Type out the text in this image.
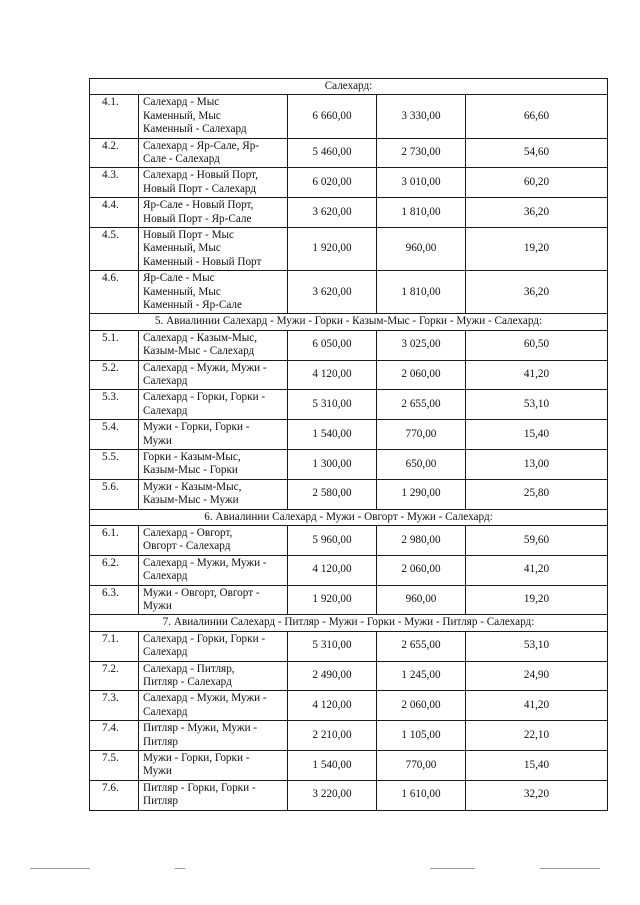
Салехард:				
4.1.	Салехард - Мыс
Каменный, Мыс
Каменный - Салехард	6 660,00	3 330,00	66,60
4.2.	Салехард - Яр-Сале, Яр-
Сале - Салехард	5 460,00	2 730,00	54,60
4.3.	Салехард - Новый Порт,
Новый Порт - Салехард	6 020,00	3 010,00	60,20
4.4.	Яр-Сале - Новый Порт,
Новый Порт - Яр-Сале	3 620,00	1 810,00	36,20
4.5.	Новый Порт - Мыс
Каменный, Мыс
Каменный - Новый Порт	1 920,00	960,00	19,20
4.6.	Яр-Сале - Мыс
Каменный, Мыс
Каменный - Яр-Сале	3 620,00	1 810,00	36,20
5. Авиалинии Салехард - Мужи - Горки - Казым-Мыс - Горки - Мужи - Салехард:				
5.1.	Салехард - Казым-Мыс,
Казым-Мыс - Салехард	6 050,00	3 025,00	60,50
5.2.	Салехард - Мужи, Мужи -
Салехард	4 120,00	2 060,00	41,20
5.3.	Салехард - Горки, Горки -
Салехард	5 310,00	2 655,00	53,10
5.4.	Мужи - Горки, Горки -
Мужи	1 540,00	770,00	15,40
5.5.	Горки - Казым-Мыс,
Казым-Мыс - Горки	1 300,00	650,00	13,00
5.6.	Мужи - Казым-Мыс,
Казым-Мыс - Мужи	2 580,00	1 290,00	25,80
6. Авиалинии Салехард - Мужи - Овгорт - Мужи - Салехард:				
6.1.	Салехард - Овгорт,
Овгорт - Салехард	5 960,00	2 980,00	59,60
6.2.	Салехард - Мужи, Мужи -
Салехард	4 120,00	2 060,00	41,20
6.3.	Мужи - Овгорт, Овгорт -
Мужи	1 920,00	960,00	19,20
7. Авиалинии Салехард - Питляр - Мужи - Горки - Мужи - Питляр - Салехард:				
7.1.	Салехард - Горки, Горки -
Салехард	5 310,00	2 655,00	53,10
7.2.	Салехард - Питляр,
Питляр - Салехард	2 490,00	1 245,00	24,90
7.3.	Салехард - Мужи, Мужи -
Салехард	4 120,00	2 060,00	41,20
7.4.	Питляр - Мужи, Мужи -
Питляр	2 210,00	1 105,00	22,10
7.5.	Мужи - Горки, Горки -
Мужи	1 540,00	770,00	15,40
7.6.	Питляр - Горки, Горки -
Питляр	3 220,00	1 610,00	32,20
